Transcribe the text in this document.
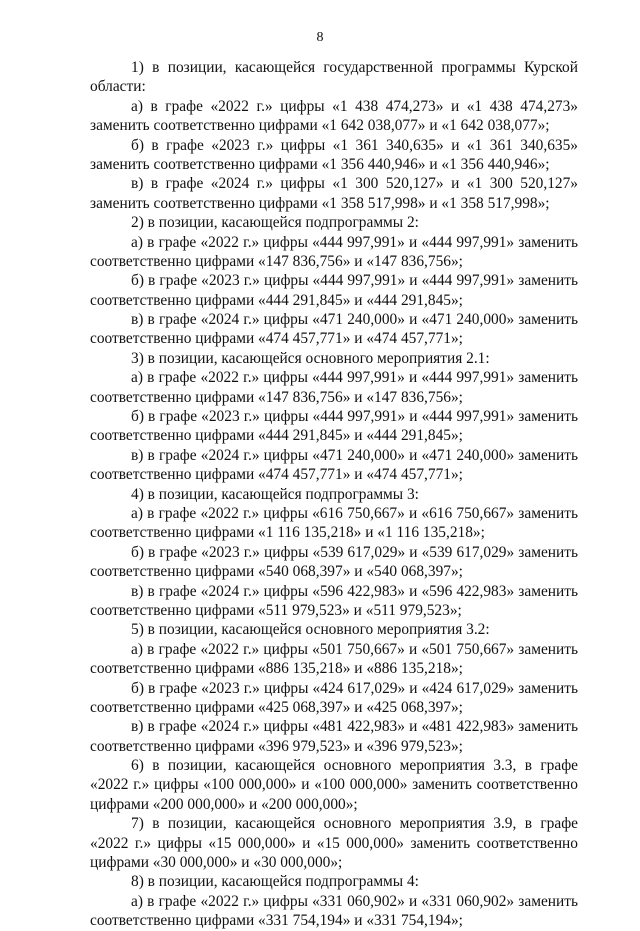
8
1) в позиции, касающейся государственной программы Курской
области:
а) в графе «2022 г.» цифры «1 438 474,273» и «1 438 474,273»
заменить соответственно цифрами «1 642 038,077» и «1 642 038,077»;
б) в графе «2023 г.» цифры «1 361 340,635» и «1 361 340,635»
заменить соответственно цифрами «1 356 440,946» и «1 356 440,946»;
в) в графе «2024 г.» цифры «1 300 520,127» и «1 300 520,127»
заменить соответственно цифрами «1 358 517,998» и «1 358 517,998»;
2) в позиции, касающейся подпрограммы 2:
а) в графе «2022 г.» цифры «444 997,991» и «444 997,991» заменить
соответственно цифрами «147 836,756» и «147 836,756»;
б) в графе «2023 г.» цифры «444 997,991» и «444 997,991» заменить
соответственно цифрами «444 291,845» и «444 291,845»;
в) в графе «2024 г.» цифры «471 240,000» и «471 240,000» заменить
соответственно цифрами «474 457,771» и «474 457,771»;
3) в позиции, касающейся основного мероприятия 2.1:
а) в графе «2022 г.» цифры «444 997,991» и «444 997,991» заменить
соответственно цифрами «147 836,756» и «147 836,756»;
б) в графе «2023 г.» цифры «444 997,991» и «444 997,991» заменить
соответственно цифрами «444 291,845» и «444 291,845»;
в) в графе «2024 г.» цифры «471 240,000» и «471 240,000» заменить
соответственно цифрами «474 457,771» и «474 457,771»;
4) в позиции, касающейся подпрограммы 3:
а) в графе «2022 г.» цифры «616 750,667» и «616 750,667» заменить
соответственно цифрами «1 116 135,218» и «1 116 135,218»;
б) в графе «2023 г.» цифры «539 617,029» и «539 617,029» заменить
соответственно цифрами «540 068,397» и «540 068,397»;
в) в графе «2024 г.» цифры «596 422,983» и «596 422,983» заменить
соответственно цифрами «511 979,523» и «511 979,523»;
5) в позиции, касающейся основного мероприятия 3.2:
а) в графе «2022 г.» цифры «501 750,667» и «501 750,667» заменить
соответственно цифрами «886 135,218» и «886 135,218»;
б) в графе «2023 г.» цифры «424 617,029» и «424 617,029» заменить
соответственно цифрами «425 068,397» и «425 068,397»;
в) в графе «2024 г.» цифры «481 422,983» и «481 422,983» заменить
соответственно цифрами «396 979,523» и «396 979,523»;
6) в позиции, касающейся основного мероприятия 3.3, в графе
«2022 г.» цифры «100 000,000» и «100 000,000» заменить соответственно
цифрами «200 000,000» и «200 000,000»;
7) в позиции, касающейся основного мероприятия 3.9, в графе
«2022 г.» цифры «15 000,000» и «15 000,000» заменить соответственно
цифрами «30 000,000» и «30 000,000»;
8) в позиции, касающейся подпрограммы 4:
а) в графе «2022 г.» цифры «331 060,902» и «331 060,902» заменить
соответственно цифрами «331 754,194» и «331 754,194»;
